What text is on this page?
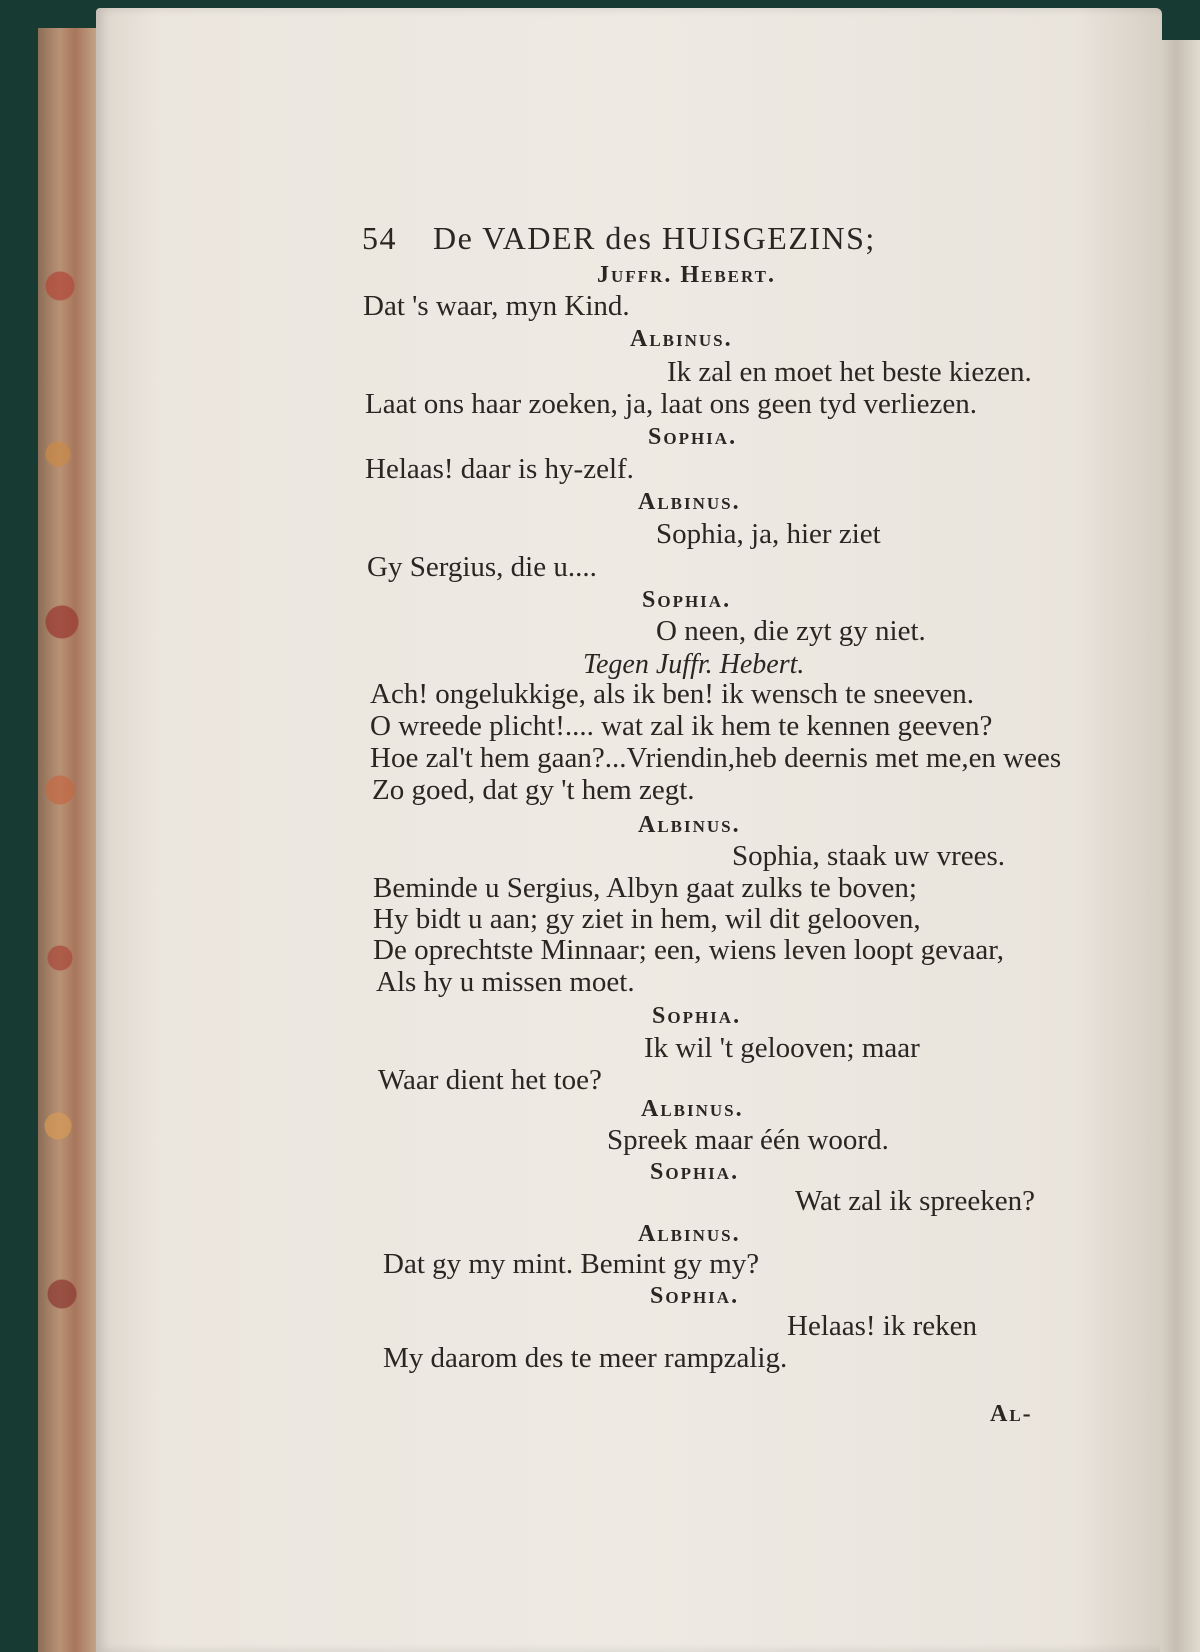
54 De VADER des HUISGEZINS;
Juffr. Hebert.
Dat 's waar, myn Kind.
Albinus.
Ik zal en moet het beste kiezen.
Laat ons haar zoeken, ja, laat ons geen tyd verliezen.
Sophia.
Helaas! daar is hy-zelf.
Albinus.
Sophia, ja, hier ziet
Gy Sergius, die u....
Sophia.
O neen, die zyt gy niet.
Tegen Juffr. Hebert.
Ach! ongelukkige, als ik ben! ik wensch te sneeven.
O wreede plicht!.... wat zal ik hem te kennen geeven?
Hoe zal't hem gaan?...Vriendin,heb deernis met me,en wees
Zo goed, dat gy 't hem zegt.
Albinus.
Sophia, staak uw vrees.
Beminde u Sergius, Albyn gaat zulks te boven;
Hy bidt u aan; gy ziet in hem, wil dit gelooven,
De oprechtste Minnaar; een, wiens leven loopt gevaar,
Als hy u missen moet.
Sophia.
Ik wil 't gelooven; maar
Waar dient het toe?
Albinus.
Spreek maar één woord.
Sophia.
Wat zal ik spreeken?
Albinus.
Dat gy my mint. Bemint gy my?
Sophia.
Helaas! ik reken
My daarom des te meer rampzalig.
Al-
